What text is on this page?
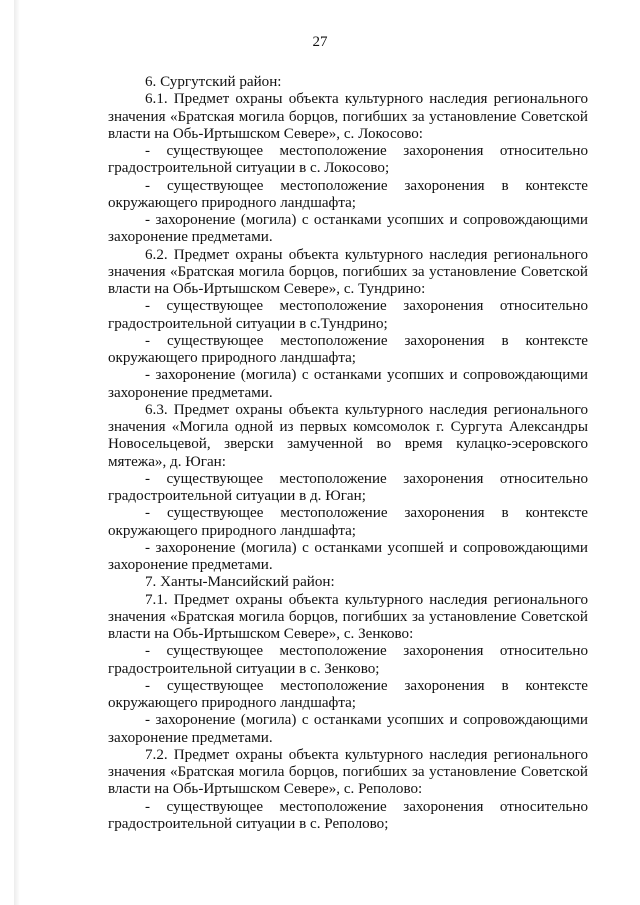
27
6. Сургутский район:
6.1. Предмет охраны объекта культурного наследия регионального
значения «Братская могила борцов, погибших за установление Советской
власти на Обь-Иртышском Севере», с. Локосово:
- существующее местоположение захоронения относительно
градостроительной ситуации в с. Локосово;
- существующее местоположение захоронения в контексте
окружающего природного ландшафта;
- захоронение (могила) с останками усопших и сопровождающими
захоронение предметами.
6.2. Предмет охраны объекта культурного наследия регионального
значения «Братская могила борцов, погибших за установление Советской
власти на Обь-Иртышском Севере», с. Тундрино:
- существующее местоположение захоронения относительно
градостроительной ситуации в с.Тундрино;
- существующее местоположение захоронения в контексте
окружающего природного ландшафта;
- захоронение (могила) с останками усопших и сопровождающими
захоронение предметами.
6.3. Предмет охраны объекта культурного наследия регионального
значения «Могила одной из первых комсомолок г. Сургута Александры
Новосельцевой, зверски замученной во время кулацко-эсеровского
мятежа», д. Юган:
- существующее местоположение захоронения относительно
градостроительной ситуации в д. Юган;
- существующее местоположение захоронения в контексте
окружающего природного ландшафта;
- захоронение (могила) с останками усопшей и сопровождающими
захоронение предметами.
7. Ханты-Мансийский район:
7.1. Предмет охраны объекта культурного наследия регионального
значения «Братская могила борцов, погибших за установление Советской
власти на Обь-Иртышском Севере», с. Зенково:
- существующее местоположение захоронения относительно
градостроительной ситуации в с. Зенково;
- существующее местоположение захоронения в контексте
окружающего природного ландшафта;
- захоронение (могила) с останками усопших и сопровождающими
захоронение предметами.
7.2. Предмет охраны объекта культурного наследия регионального
значения «Братская могила борцов, погибших за установление Советской
власти на Обь-Иртышском Севере», с. Реполово:
- существующее местоположение захоронения относительно
градостроительной ситуации в с. Реполово;
